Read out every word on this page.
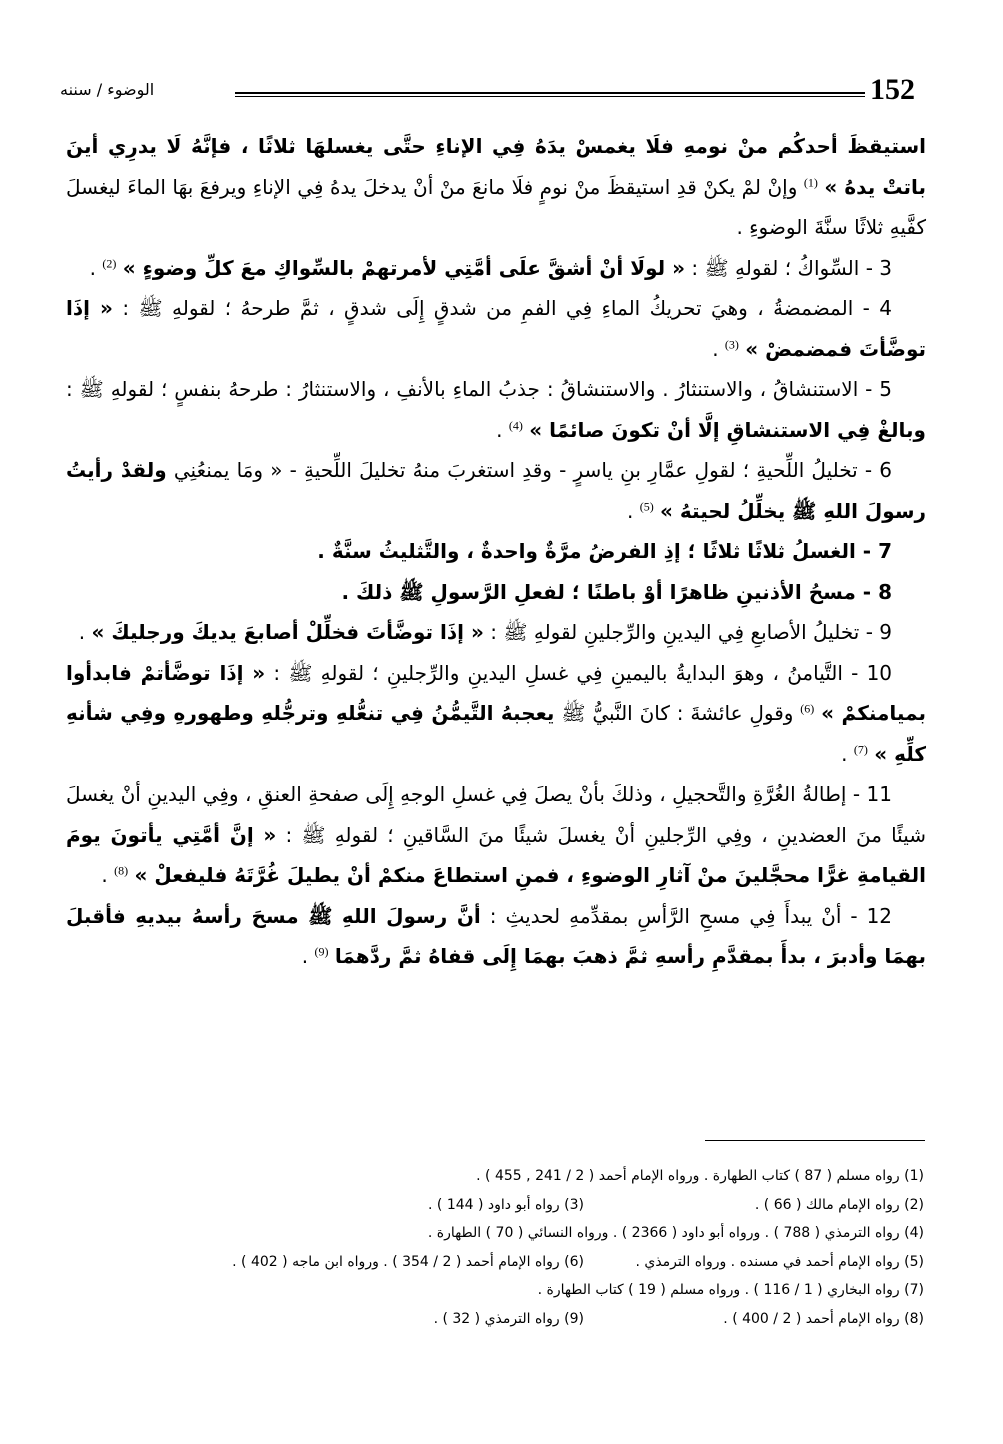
152
الوضوء / سننه

استيقظَ أحدكُم منْ نومهِ فلَا يغمسْ يدَهُ فِي الإناءِ حتَّى يغسلهَا ثلاثًا ، فإنَّهُ لَا يدرِي أينَ باتتْ يدهُ » $^{(1)}$ وإنْ لمْ يكنْ قدِ استيقظَ منْ نومٍ فلَا مانعَ منْ أنْ يدخلَ يدهُ فِي الإناءِ ويرفعَ بهَا الماءَ ليغسلَ كفَّيهِ ثلاثًا سنَّةَ الوضوءِ .

3 - السِّواكُ ؛ لقولهِ ﷺ : « لولَا أنْ أشقَّ علَى أمَّتِي لأمرتهمْ بالسِّواكِ معَ كلِّ وضوءٍ » $^{(2)}$ .

4 - المضمضةُ ، وهيَ تحريكُ الماءِ فِي الفمِ من شدقٍ إِلَى شدقٍ ، ثمَّ طرحهُ ؛ لقولهِ ﷺ : « إذَا توضَّأتَ فمضمضْ » $^{(3)}$ .

5 - الاستنشاقُ ، والاستنثارُ . والاستنشاقُ : جذبُ الماءِ بالأنفِ ، والاستنثارُ : طرحهُ بنفسٍ ؛ لقولهِ ﷺ : وبالغْ فِي الاستنشاقِ إلَّا أنْ تكونَ صائمًا » $^{(4)}$ .

6 - تخليلُ اللِّحيةِ ؛ لقولِ عمَّارِ بنِ ياسرٍ - وقدِ استغربَ منهُ تخليلَ اللِّحيةِ - « ومَا يمنعُنِي ولقدْ رأيتُ رسولَ اللهِ ﷺ يخلِّلُ لحيتهُ » $^{(5)}$ .

7 - الغسلُ ثلاثًا ثلاثًا ؛ إذِ الفرضُ مرَّةٌ واحدةٌ ، والتَّثليثُ سنَّةٌ .

8 - مسحُ الأذنينِ ظاهرًا أوْ باطنًا ؛ لفعلِ الرَّسولِ ﷺ ذلكَ .

9 - تخليلُ الأصابعِ فِي اليدينِ والرِّجلينِ لقولهِ ﷺ : « إذَا توضَّأتَ فخلِّلْ أصابعَ يديكَ ورجليكَ » .

10 - التَّيامنُ ، وهوَ البدايةُ باليمينِ فِي غسلِ اليدينِ والرِّجلينِ ؛ لقولهِ ﷺ : « إذَا توضَّأتمْ فابدأوا بميامنكمْ » $^{(6)}$ وقولِ عائشةَ : كانَ النَّبيُّ ﷺ يعجبهُ التَّيمُّنُ فِي تنعُّلهِ وترجُّلهِ وطهورهِ وفِي شأنهِ كلِّهِ » $^{(7)}$ .

11 - إطالةُ الغُرَّةِ والتَّحجيلِ ، وذلكَ بأنْ يصلَ فِي غسلِ الوجهِ إِلَى صفحةِ العنقِ ، وفِي اليدينِ أنْ يغسلَ شيئًا منَ العضدينِ ، وفِي الرِّجلينِ أنْ يغسلَ شيئًا منَ السَّاقينِ ؛ لقولهِ ﷺ : « إنَّ أمَّتِي يأتونَ يومَ القيامةِ غرًّا محجَّلينَ منْ آثارِ الوضوءِ ، فمنِ استطاعَ منكمْ أنْ يطيلَ غُرَّتَهُ فليفعلْ » $^{(8)}$ .

12 - أنْ يبدأَ فِي مسحِ الرَّأسِ بمقدِّمهِ لحديثِ : أنَّ رسولَ اللهِ ﷺ مسحَ رأسهُ بيديهِ فأقبلَ بهمَا وأدبرَ ، بدأَ بمقدَّمِ رأسهِ ثمَّ ذهبَ بهمَا إِلَى قفاهُ ثمَّ ردَّهمَا $^{(9)}$ .

(1) رواه مسلم ( 87 ) كتاب الطهارة . ورواه الإمام أحمد ( 2 / 241 , 455 ) .
(2) رواه الإمام مالك ( 66 ) .
(3) رواه أبو داود ( 144 ) .
(4) رواه الترمذي ( 788 ) . ورواه أبو داود ( 2366 ) . ورواه النسائي ( 70 ) الطهارة .
(5) رواه الإمام أحمد في مسنده . ورواه الترمذي .
(6) رواه الإمام أحمد ( 2 / 354 ) . ورواه ابن ماجه ( 402 ) .
(7) رواه البخاري ( 1 / 116 ) . ورواه مسلم ( 19 ) كتاب الطهارة .
(8) رواه الإمام أحمد ( 2 / 400 ) .
(9) رواه الترمذي ( 32 ) .
